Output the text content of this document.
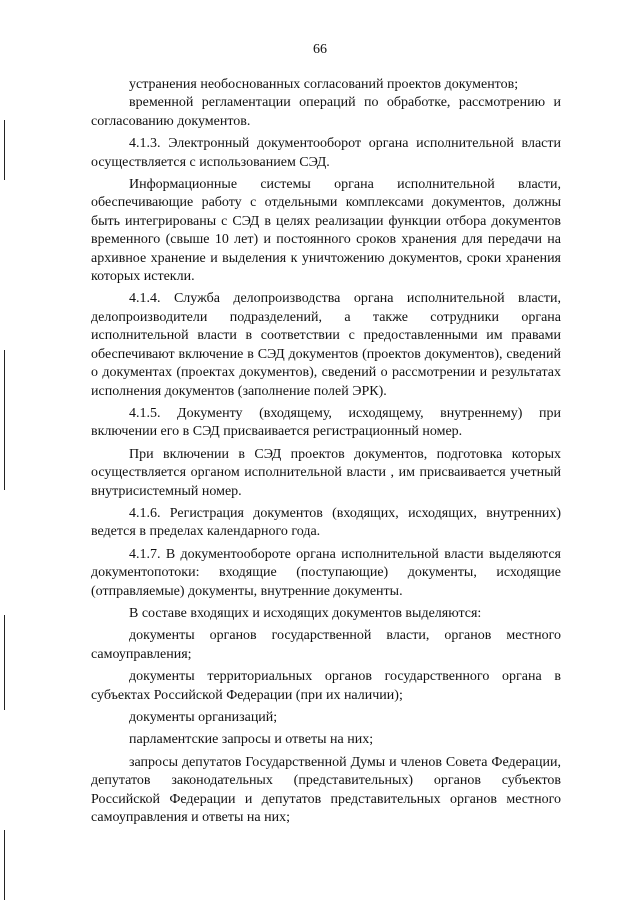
66

устранения необоснованных согласований проектов документов;

временной регламентации операций по обработке, рассмотрению и согласованию документов.

4.1.3. Электронный документооборот органа исполнительной власти осуществляется с использованием СЭД.

Информационные системы органа исполнительной власти, обеспечивающие работу с отдельными комплексами документов, должны быть интегрированы с СЭД в целях реализации функции отбора документов временного (свыше 10 лет) и постоянного сроков хранения для передачи на архивное хранение и выделения к уничтожению документов, сроки хранения которых истекли.

4.1.4. Служба делопроизводства органа исполнительной власти, делопроизводители подразделений, а также сотрудники органа исполнительной власти в соответствии с предоставленными им правами обеспечивают включение в СЭД документов (проектов документов), сведений о документах (проектах документов), сведений о рассмотрении и результатах исполнения документов (заполнение полей ЭРК).

4.1.5. Документу (входящему, исходящему, внутреннему) при включении его в СЭД присваивается регистрационный номер.

При включении в СЭД проектов документов, подготовка которых осуществляется органом исполнительной власти , им присваивается учетный внутрисистемный номер.

4.1.6. Регистрация документов (входящих, исходящих, внутренних) ведется в пределах календарного года.

4.1.7. В документообороте органа исполнительной власти выделяются документопотоки: входящие (поступающие) документы, исходящие (отправляемые) документы, внутренние документы.

В составе входящих и исходящих документов выделяются:

документы органов государственной власти, органов местного самоуправления;

документы территориальных органов государственного органа в субъектах Российской Федерации (при их наличии);

документы организаций;

парламентские запросы и ответы на них;

запросы депутатов Государственной Думы и членов Совета Федерации, депутатов законодательных (представительных) органов субъектов Российской Федерации и депутатов представительных органов местного самоуправления и ответы на них;
